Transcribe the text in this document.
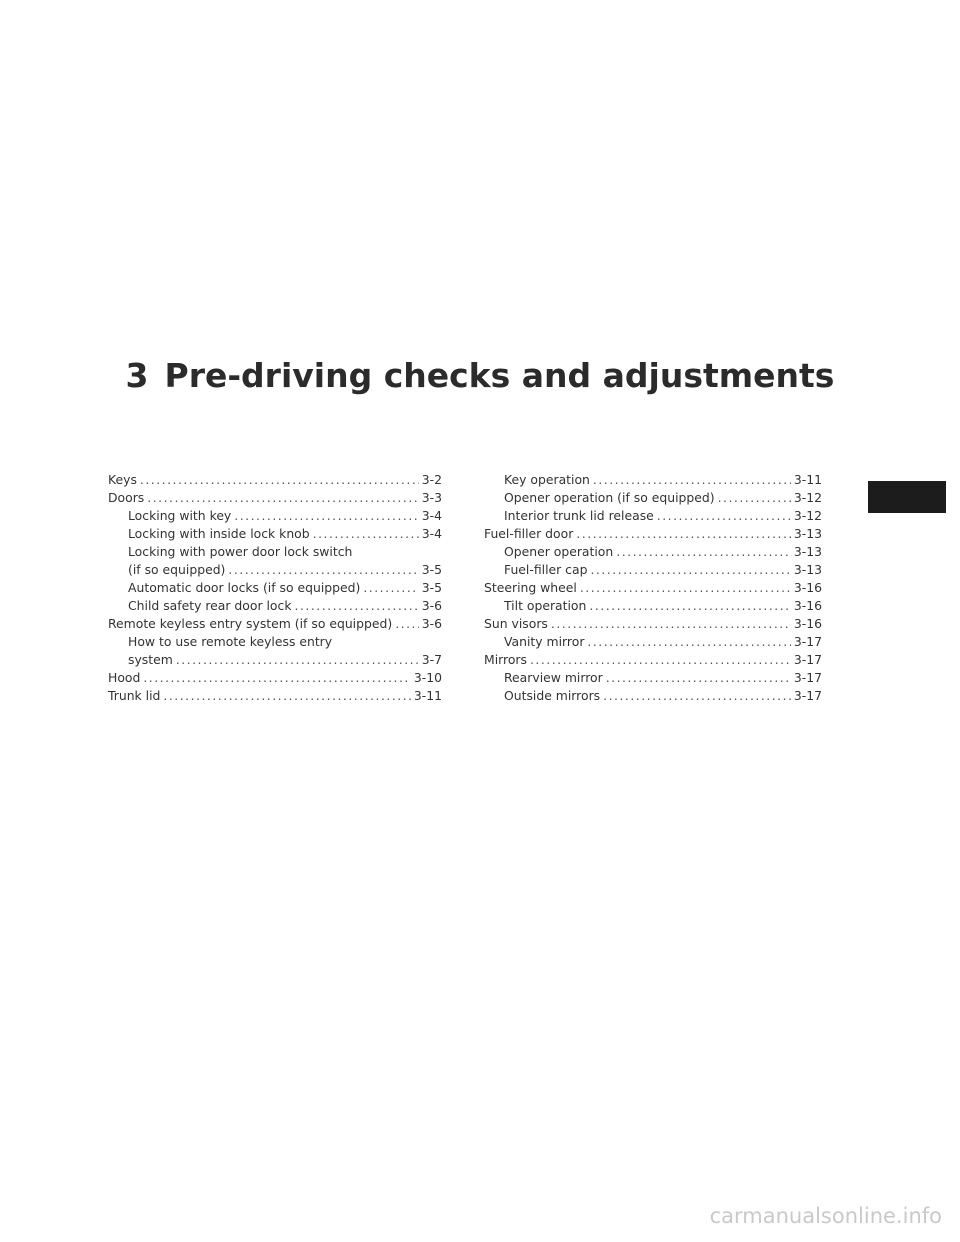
3 Pre-driving checks and adjustments
Keys .....	3-2
Doors .....	3-3
Locking with key .....	3-4
Locking with inside lock knob .....	3-4
Locking with power door lock switch
(if so equipped) .....	3-5
Automatic door locks (if so equipped) .....	3-5
Child safety rear door lock .....	3-6
Remote keyless entry system (if so equipped) ..... 3-6
How to use remote keyless entry
system .....	3-7
Hood .....	3-10
Trunk lid .....	3-11
Key operation .....	3-11
Opener operation (if so equipped) .....	3-12
Interior trunk lid release .....	3-12
Fuel-filler door .....	3-13
Opener operation .....	3-13
Fuel-filler cap .....	3-13
Steering wheel .....	3-16
Tilt operation .....	3-16
Sun visors .....	3-16
Vanity mirror .....	3-17
Mirrors .....	3-17
Rearview mirror .....	3-17
Outside mirrors .....	3-17
carmanualsonline.info
